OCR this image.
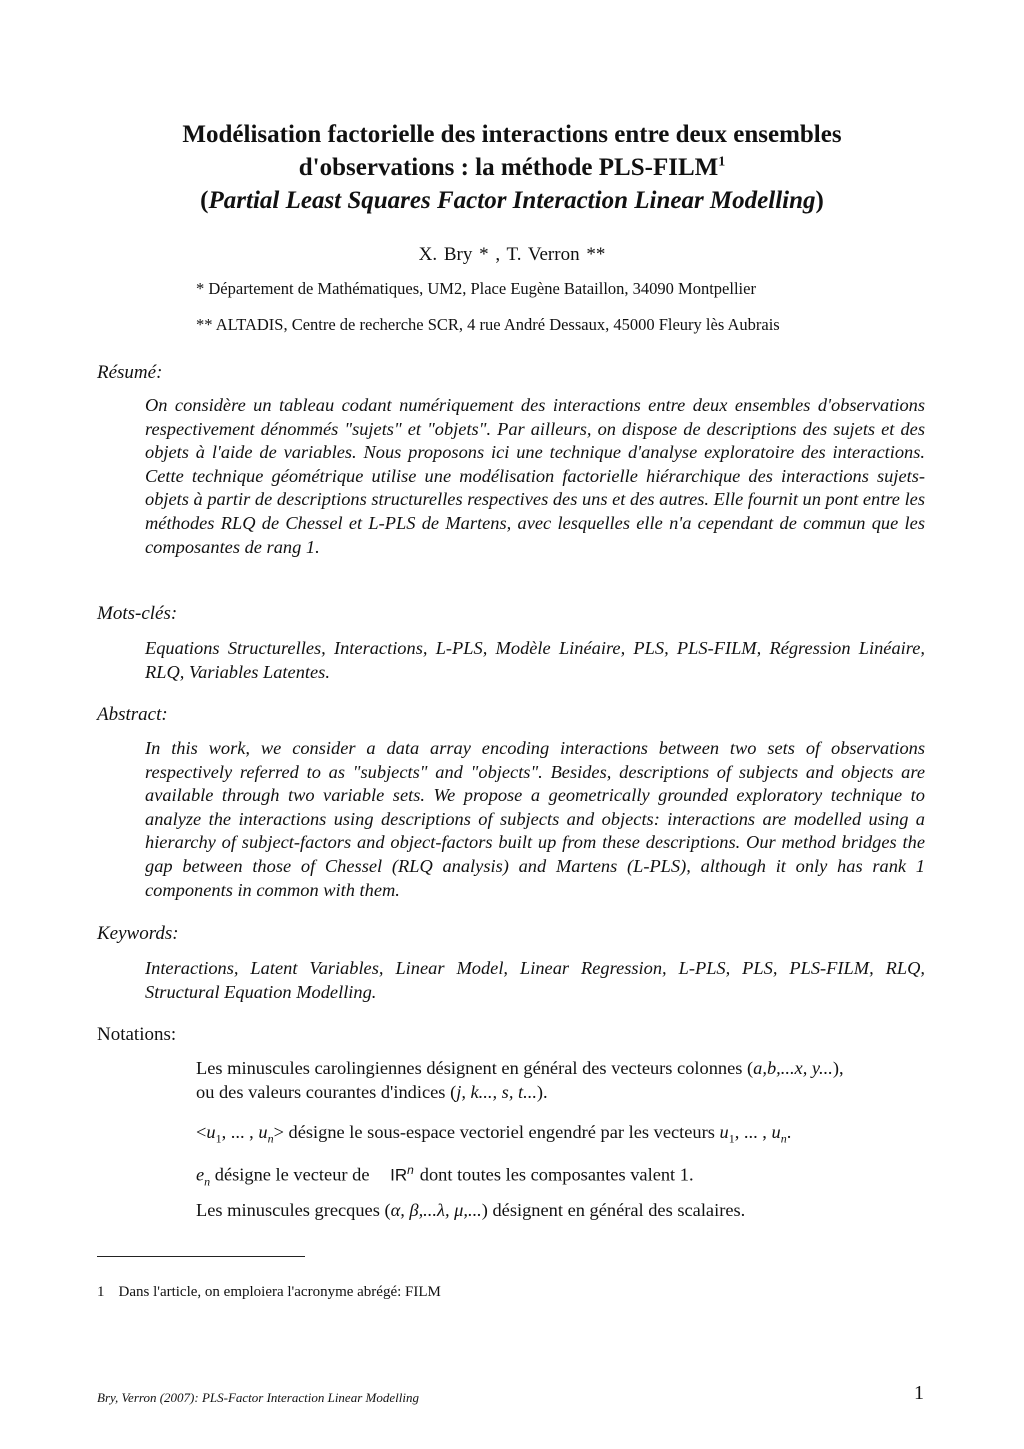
Modélisation factorielle des interactions entre deux ensembles
d'observations : la méthode PLS-FILM$^1$
(Partial Least Squares Factor Interaction Linear Modelling)
X. Bry * , T. Verron **
* Département de Mathématiques, UM2, Place Eugène Bataillon, 34090 Montpellier
** ALTADIS, Centre de recherche SCR, 4 rue André Dessaux, 45000 Fleury lès Aubrais
Résumé:
On considère un tableau codant numériquement des interactions entre deux ensembles d'observations respectivement dénommés "sujets" et "objets". Par ailleurs, on dispose de descriptions des sujets et des objets à l'aide de variables. Nous proposons ici une technique d'analyse exploratoire des interactions. Cette technique géométrique utilise une modélisation factorielle hiérarchique des interactions sujets-objets à partir de descriptions structurelles respectives des uns et des autres. Elle fournit un pont entre les méthodes RLQ de Chessel et L-PLS de Martens, avec lesquelles elle n'a cependant de commun que les composantes de rang 1.
Mots-clés:
Equations Structurelles, Interactions, L-PLS, Modèle Linéaire, PLS, PLS-FILM, Régression Linéaire, RLQ, Variables Latentes.
Abstract:
In this work, we consider a data array encoding interactions between two sets of observations respectively referred to as "subjects" and "objects". Besides, descriptions of subjects and objects are available through two variable sets. We propose a geometrically grounded exploratory technique to analyze the interactions using descriptions of subjects and objects: interactions are modelled using a hierarchy of subject-factors and object-factors built up from these descriptions. Our method bridges the gap between those of Chessel (RLQ analysis) and Martens (L-PLS), although it only has rank 1 components in common with them.
Keywords:
Interactions, Latent Variables, Linear Model, Linear Regression, L-PLS, PLS, PLS-FILM, RLQ, Structural Equation Modelling.
Notations:

Les minuscules carolingiennes désignent en général des vecteurs colonnes (a,b,...x, y...),

ou des valeurs courantes d'indices (j, k..., s, t...).

$<u_1$, ... , $u_n>$ désigne le sous-espace vectoriel engendré par les vecteurs $u_1$, ... , $u_n$.

$e_n$ désigne le vecteur de $IR^n$ dont toutes les composantes valent 1.

Les minuscules grecques (α, β,...λ, μ,...) désignent en général des scalaires.

1 Dans l'article, on emploiera l'acronyme abrégé: FILM
Bry, Verron (2007): PLS-Factor Interaction Linear Modelling	1
